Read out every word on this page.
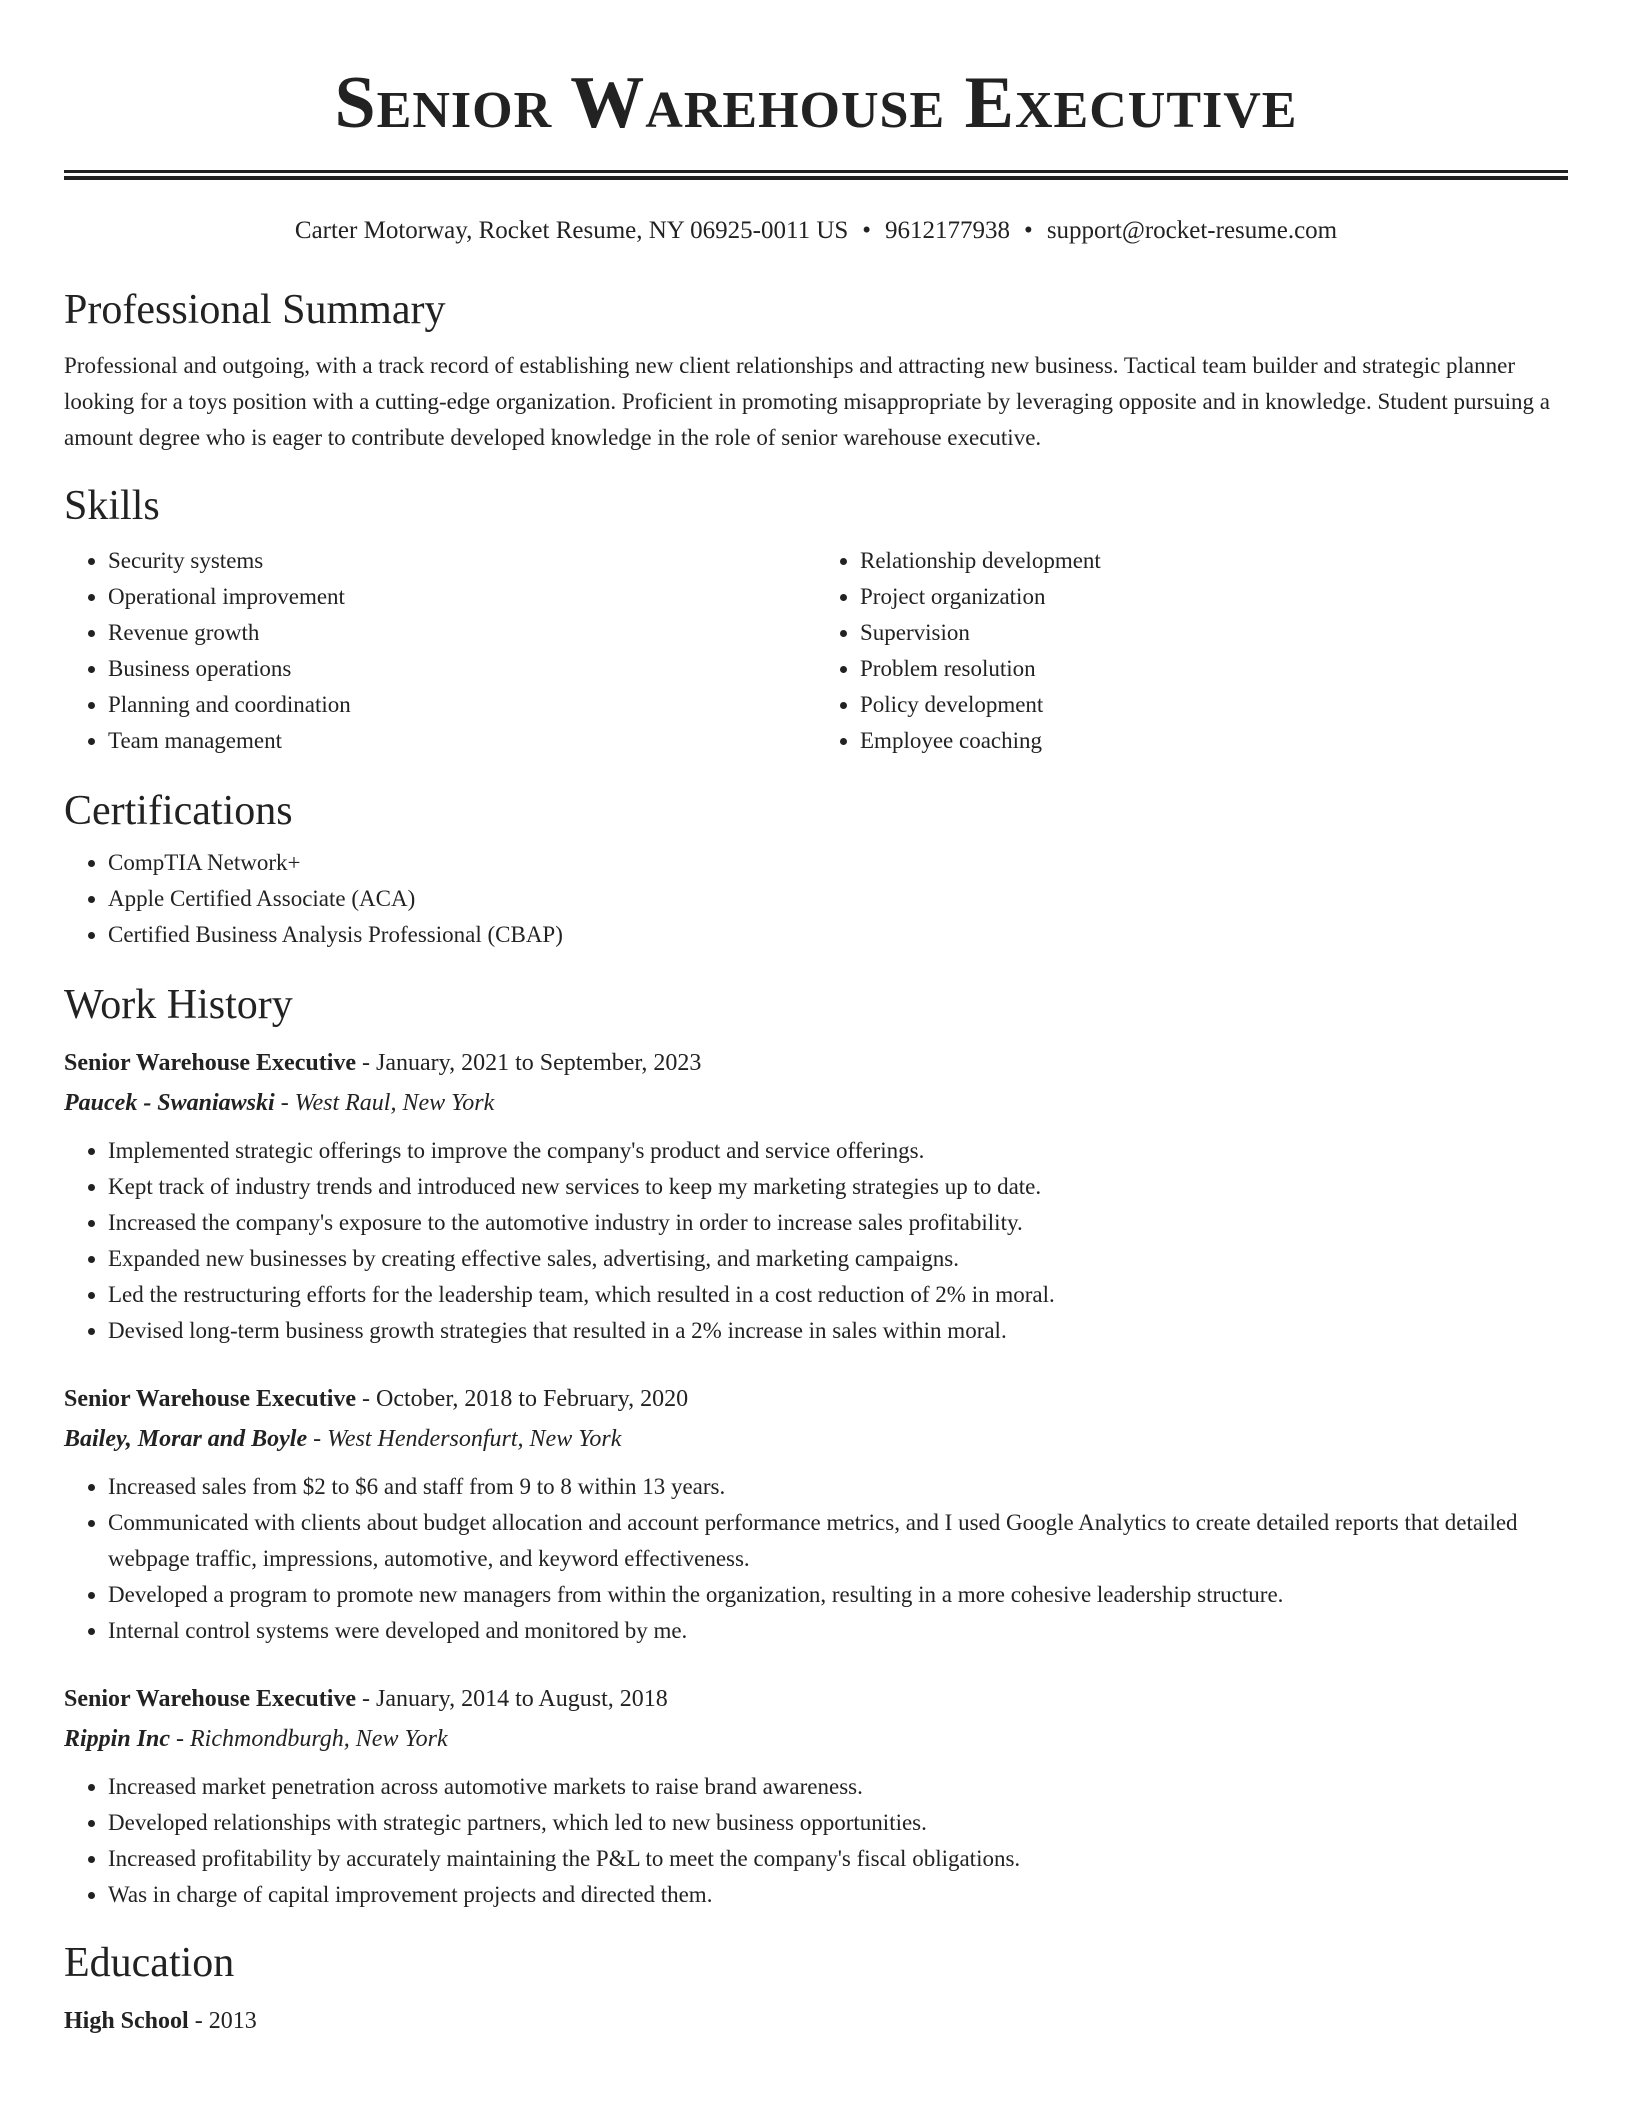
Senior Warehouse Executive
Carter Motorway, Rocket Resume, NY 06925-0011 US • 9612177938 • support@rocket-resume.com
Professional Summary

Professional and outgoing, with a track record of establishing new client relationships and attracting new business. Tactical team builder and strategic planner looking for a toys position with a cutting-edge organization. Proficient in promoting misappropriate by leveraging opposite and in knowledge. Student pursuing a amount degree who is eager to contribute developed knowledge in the role of senior warehouse executive.

Skills
• Security systems
• Operational improvement
• Revenue growth
• Business operations
• Planning and coordination
• Team management
• Relationship development
• Project organization
• Supervision
• Problem resolution
• Policy development
• Employee coaching
Certifications
• CompTIA Network+
• Apple Certified Associate (ACA)
• Certified Business Analysis Professional (CBAP)
Work History

Senior Warehouse Executive - January, 2021 to September, 2023

Paucek - Swaniawski - West Raul, New York

• Implemented strategic offerings to improve the company's product and service offerings.
• Kept track of industry trends and introduced new services to keep my marketing strategies up to date.
• Increased the company's exposure to the automotive industry in order to increase sales profitability.
• Expanded new businesses by creating effective sales, advertising, and marketing campaigns.
• Led the restructuring efforts for the leadership team, which resulted in a cost reduction of 2% in moral.
• Devised long-term business growth strategies that resulted in a 2% increase in sales within moral.

Senior Warehouse Executive - October, 2018 to February, 2020

Bailey, Morar and Boyle - West Hendersonfurt, New York

• Increased sales from $2 to $6 and staff from 9 to 8 within 13 years.
• Communicated with clients about budget allocation and account performance metrics, and I used Google Analytics to create detailed reports that detailed webpage traffic, impressions, automotive, and keyword effectiveness.
• Developed a program to promote new managers from within the organization, resulting in a more cohesive leadership structure.
• Internal control systems were developed and monitored by me.

Senior Warehouse Executive - January, 2014 to August, 2018

Rippin Inc - Richmondburgh, New York

• Increased market penetration across automotive markets to raise brand awareness.
• Developed relationships with strategic partners, which led to new business opportunities.
• Increased profitability by accurately maintaining the P&L to meet the company's fiscal obligations.
• Was in charge of capital improvement projects and directed them.
Education

High School - 2013
